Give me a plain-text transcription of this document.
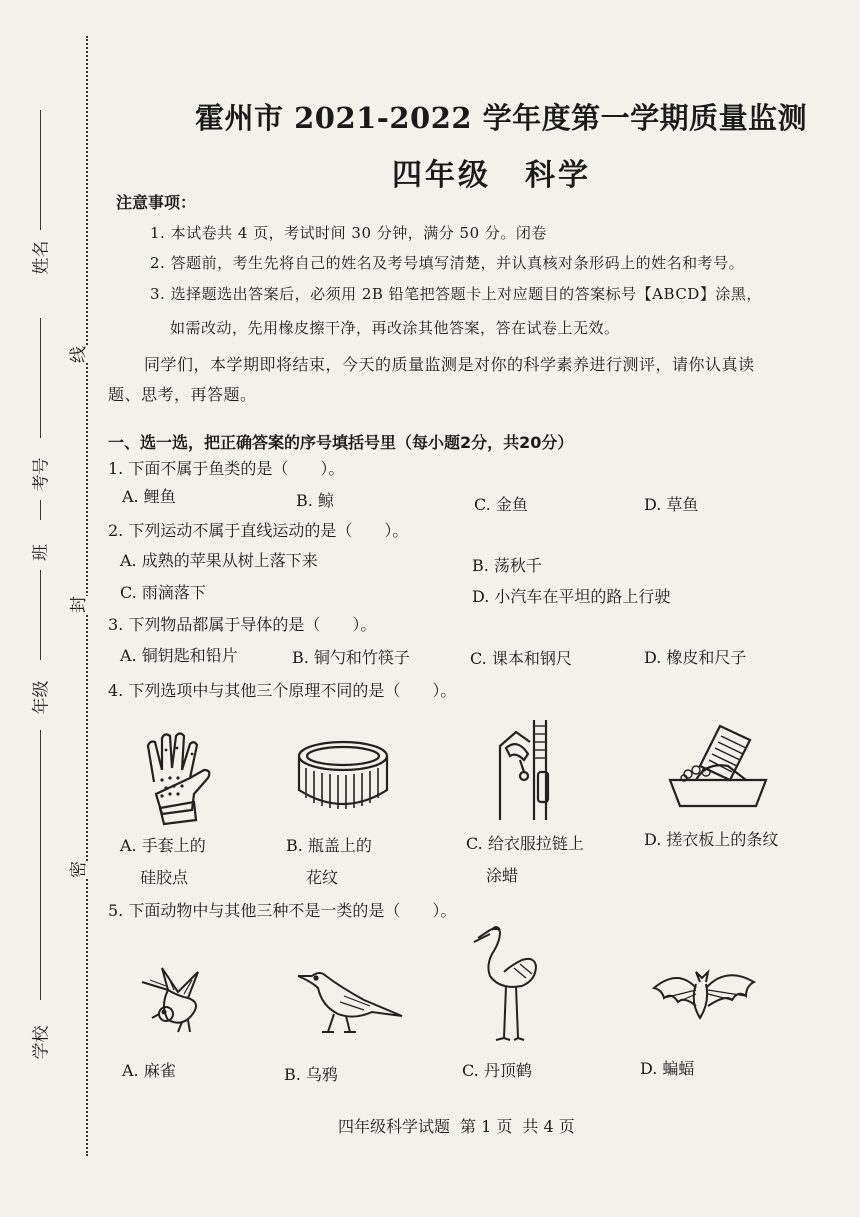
姓名
考号
班
年级
学校
线
封
密
霍州市 2021-2022 学年度第一学期质量监测
四年级 科学
注意事项：
1. 本试卷共 4 页，考试时间 30 分钟，满分 50 分。闭卷
2. 答题前，考生先将自己的姓名及考号填写清楚，并认真核对条形码上的姓名和考号。
3. 选择题选出答案后，必须用 2B 铅笔把答题卡上对应题目的答案标号【ABCD】涂黑，
如需改动，先用橡皮擦干净，再改涂其他答案，答在试卷上无效。
同学们，本学期即将结束，今天的质量监测是对你的科学素养进行测评，请你认真读
题、思考，再答题。
一、选一选，把正确答案的序号填括号里（每小题2分，共20分）
1. 下面不属于鱼类的是（　　）。
A. 鲤鱼	B. 鲸	C. 金鱼	D. 草鱼
2. 下列运动不属于直线运动的是（　　）。
A. 成熟的苹果从树上落下来	B. 荡秋千
C. 雨滴落下	D. 小汽车在平坦的路上行驶
3. 下列物品都属于导体的是（　　）。
A. 铜钥匙和铅片	B. 铜勺和竹筷子	C. 课本和钢尺	D. 橡皮和尺子
4. 下列选项中与其他三个原理不同的是（　　）。
A. 手套上的
硅胶点
B. 瓶盖上的
花纹
C. 给衣服拉链上
涂蜡
D. 搓衣板上的条纹
5. 下面动物中与其他三种不是一类的是（　　）。
A. 麻雀	B. 乌鸦	C. 丹顶鹤	D. 蝙蝠
四年级科学试题 第 1 页 共 4 页
